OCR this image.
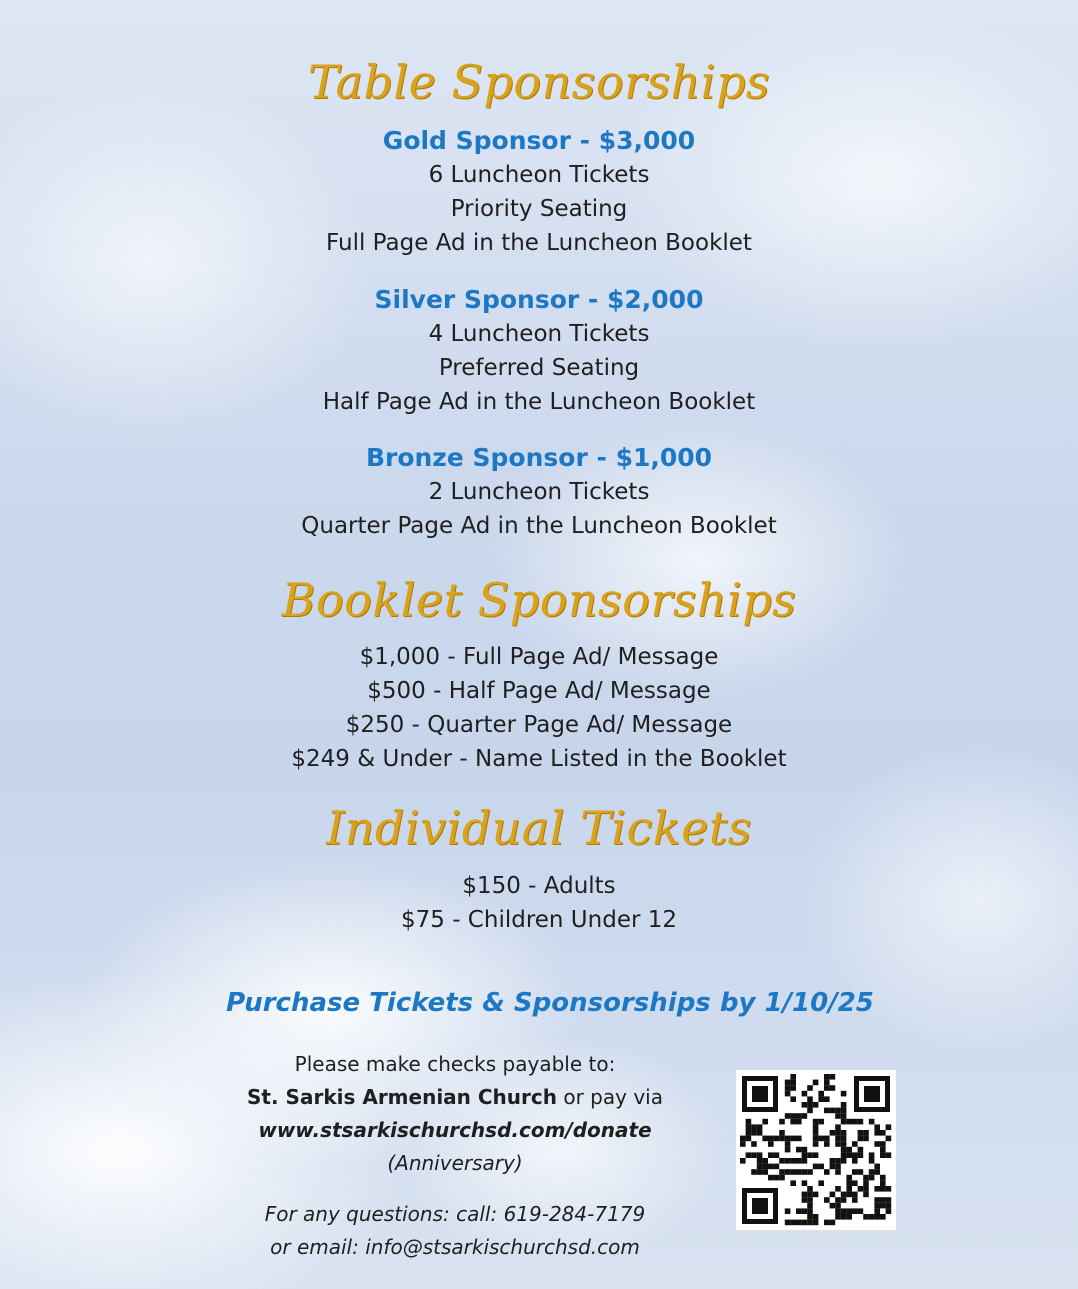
Table Sponsorships
Gold Sponsor - $3,000
6 Luncheon Tickets
Priority Seating
Full Page Ad in the Luncheon Booklet
Silver Sponsor - $2,000
4 Luncheon Tickets
Preferred Seating
Half Page Ad in the Luncheon Booklet
Bronze Sponsor - $1,000
2 Luncheon Tickets
Quarter Page Ad in the Luncheon Booklet
Booklet Sponsorships
$1,000 - Full Page Ad/ Message
$500 - Half Page Ad/ Message
$250 - Quarter Page Ad/ Message
$249 & Under - Name Listed in the Booklet
Individual Tickets
$150 - Adults
$75 - Children Under 12
Purchase Tickets & Sponsorships by 1/10/25
Please make checks payable to:
St. Sarkis Armenian Church or pay via
www.stsarkischurchsd.com/donate
(Anniversary)
For any questions: call: 619-284-7179
or email: info@stsarkischurchsd.com
